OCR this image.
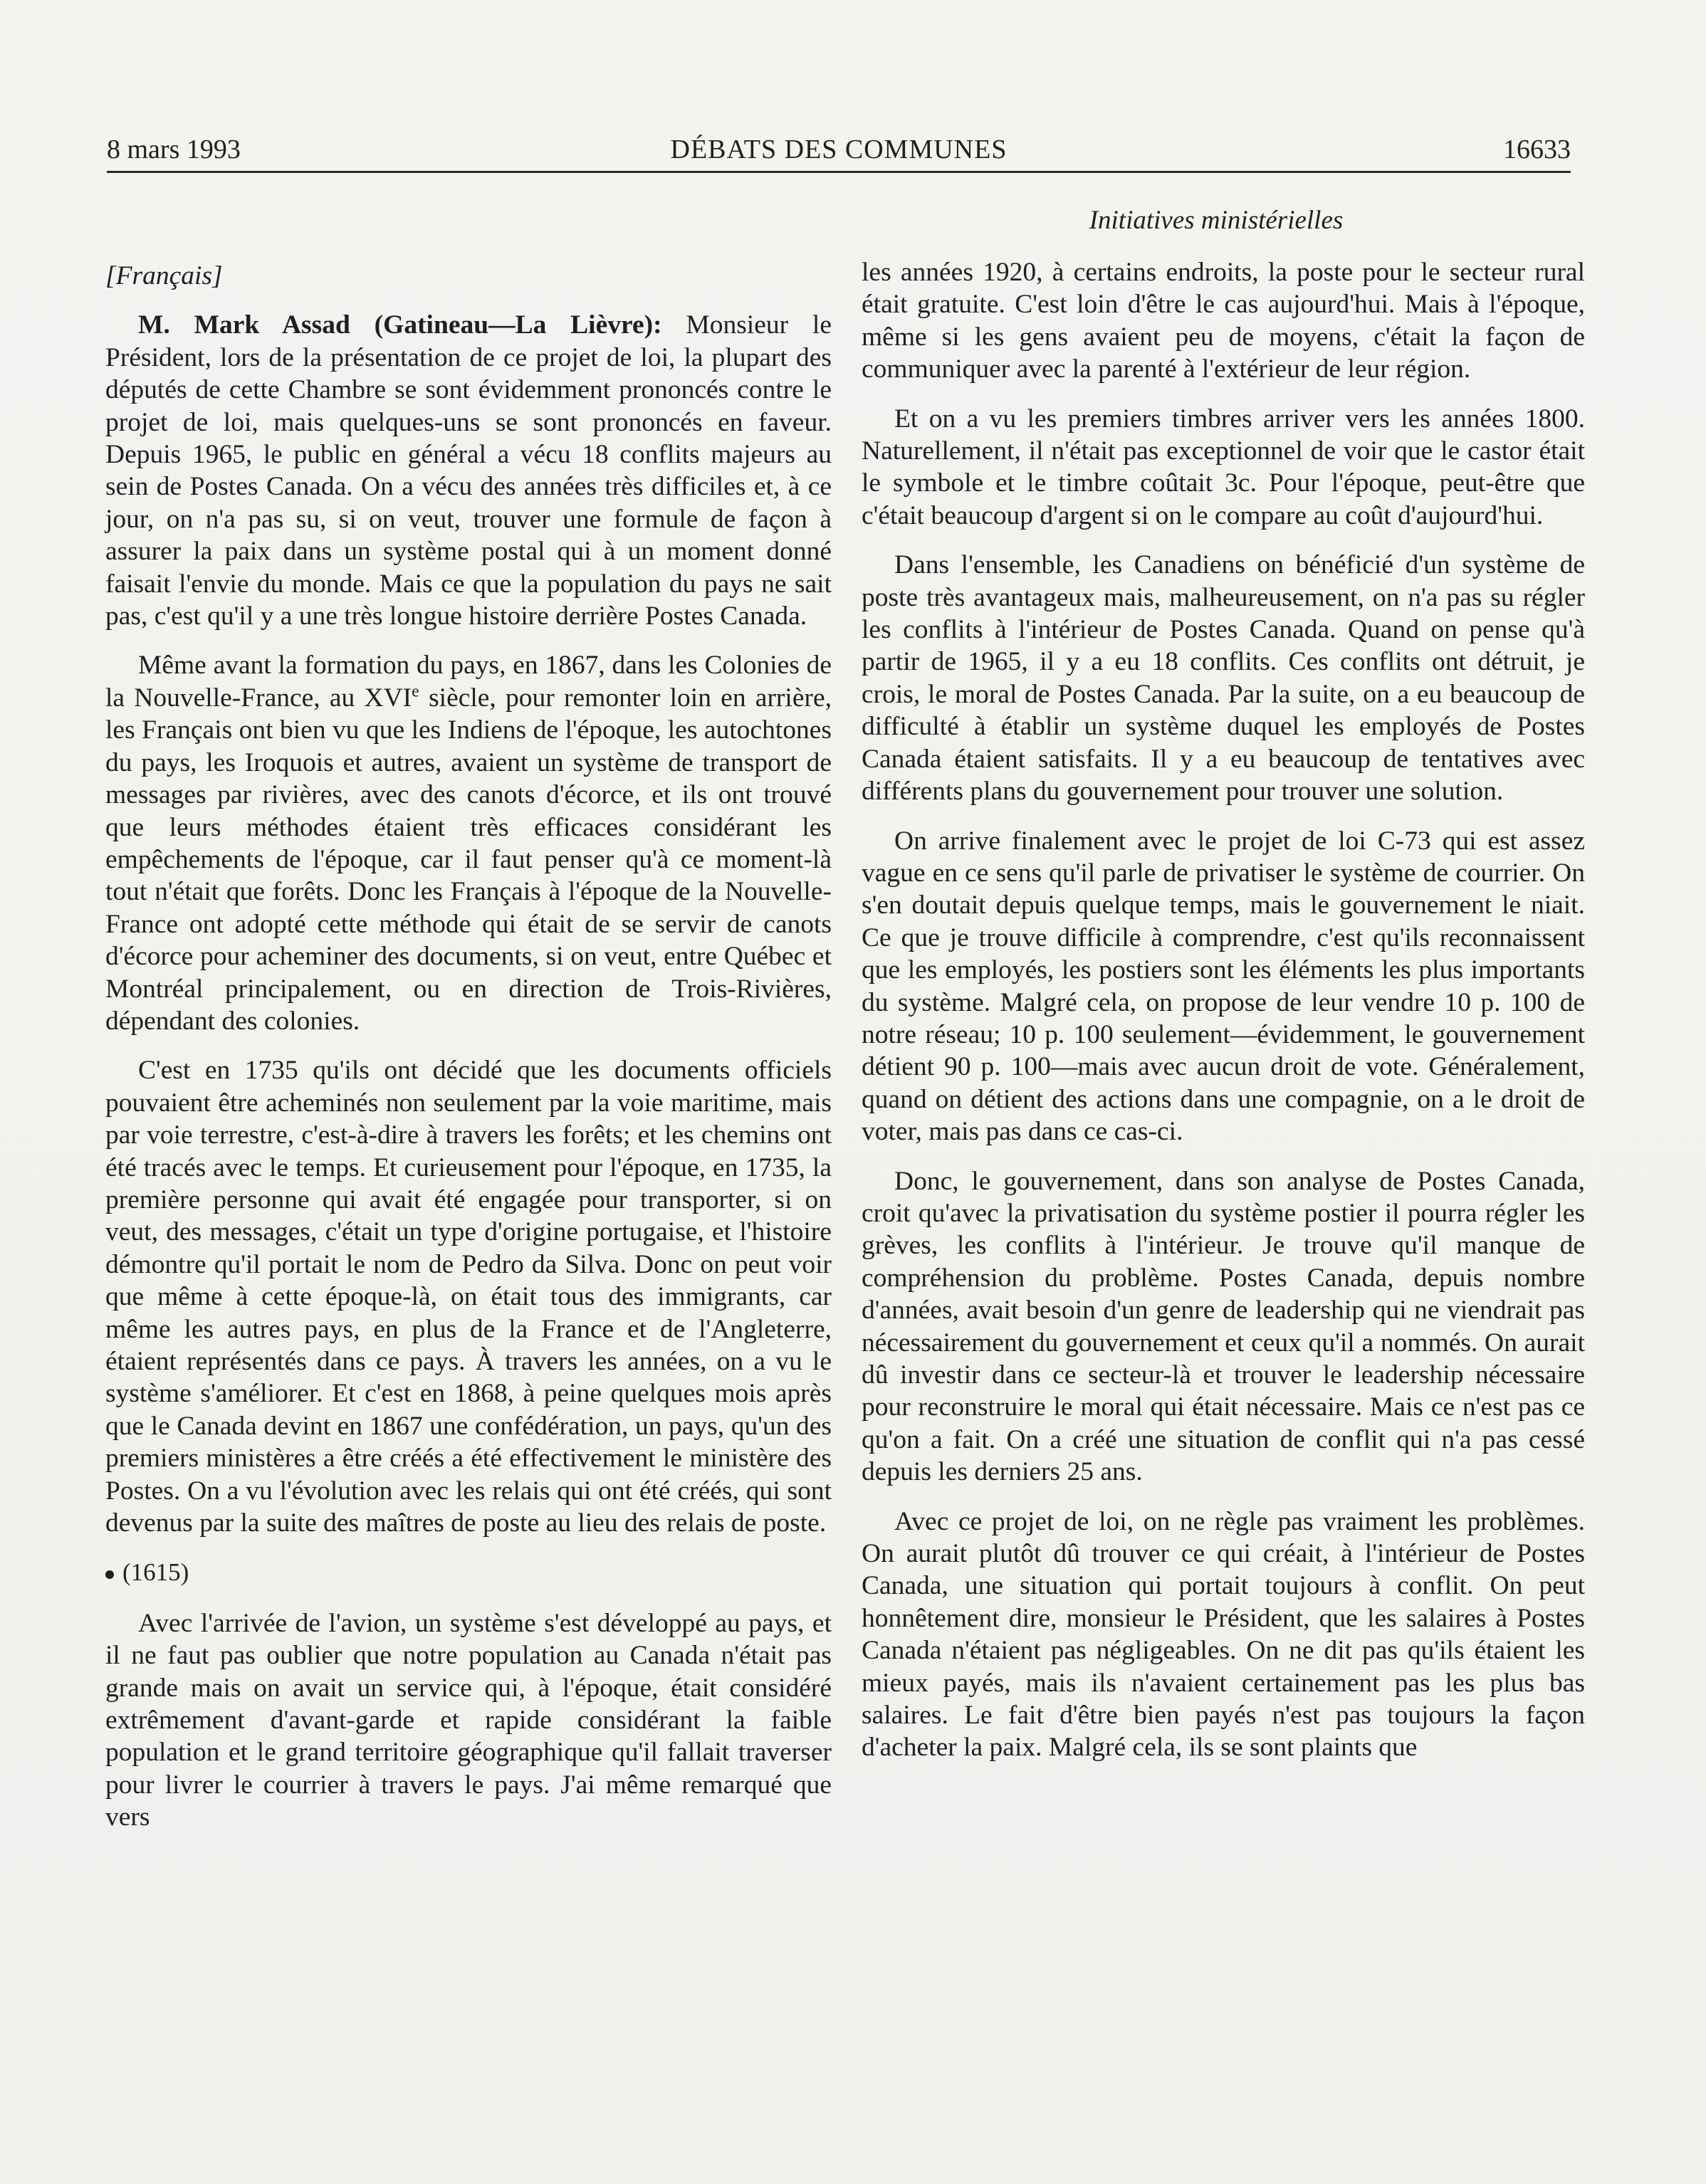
8 mars 1993	DÉBATS DES COMMUNES	16633
Initiatives ministérielles

[Français]

M. Mark Assad (Gatineau—La Lièvre): Monsieur le Président, lors de la présentation de ce projet de loi, la plupart des députés de cette Chambre se sont évidemment prononcés contre le projet de loi, mais quelques-uns se sont prononcés en faveur. Depuis 1965, le public en général a vécu 18 conflits majeurs au sein de Postes Canada. On a vécu des années très difficiles et, à ce jour, on n'a pas su, si on veut, trouver une formule de façon à assurer la paix dans un système postal qui à un moment donné faisait l'envie du monde. Mais ce que la population du pays ne sait pas, c'est qu'il y a une très longue histoire derrière Postes Canada.

Même avant la formation du pays, en 1867, dans les Colonies de la Nouvelle-France, au XVIe siècle, pour remonter loin en arrière, les Français ont bien vu que les Indiens de l'époque, les autochtones du pays, les Iroquois et autres, avaient un système de transport de messages par rivières, avec des canots d'écorce, et ils ont trouvé que leurs méthodes étaient très efficaces considérant les empêchements de l'époque, car il faut penser qu'à ce moment-là tout n'était que forêts. Donc les Français à l'époque de la Nouvelle-France ont adopté cette méthode qui était de se servir de canots d'écorce pour acheminer des documents, si on veut, entre Québec et Montréal principalement, ou en direction de Trois-Rivières, dépendant des colonies.

C'est en 1735 qu'ils ont décidé que les documents officiels pouvaient être acheminés non seulement par la voie maritime, mais par voie terrestre, c'est-à-dire à travers les forêts; et les chemins ont été tracés avec le temps. Et curieusement pour l'époque, en 1735, la première personne qui avait été engagée pour transporter, si on veut, des messages, c'était un type d'origine portugaise, et l'histoire démontre qu'il portait le nom de Pedro da Silva. Donc on peut voir que même à cette époque-là, on était tous des immigrants, car même les autres pays, en plus de la France et de l'Angleterre, étaient représentés dans ce pays. À travers les années, on a vu le système s'améliorer. Et c'est en 1868, à peine quelques mois après que le Canada devint en 1867 une confédération, un pays, qu'un des premiers ministères a être créés a été effectivement le ministère des Postes. On a vu l'évolution avec les relais qui ont été créés, qui sont devenus par la suite des maîtres de poste au lieu des relais de poste.

(1615)

Avec l'arrivée de l'avion, un système s'est développé au pays, et il ne faut pas oublier que notre population au Canada n'était pas grande mais on avait un service qui, à l'époque, était considéré extrêmement d'avant-garde et rapide considérant la faible population et le grand territoire géographique qu'il fallait traverser pour livrer le courrier à travers le pays. J'ai même remarqué que vers

les années 1920, à certains endroits, la poste pour le secteur rural était gratuite. C'est loin d'être le cas aujourd'hui. Mais à l'époque, même si les gens avaient peu de moyens, c'était la façon de communiquer avec la parenté à l'extérieur de leur région.

Et on a vu les premiers timbres arriver vers les années 1800. Naturellement, il n'était pas exceptionnel de voir que le castor était le symbole et le timbre coûtait 3c. Pour l'époque, peut-être que c'était beaucoup d'argent si on le compare au coût d'aujourd'hui.

Dans l'ensemble, les Canadiens on bénéficié d'un système de poste très avantageux mais, malheureusement, on n'a pas su régler les conflits à l'intérieur de Postes Canada. Quand on pense qu'à partir de 1965, il y a eu 18 conflits. Ces conflits ont détruit, je crois, le moral de Postes Canada. Par la suite, on a eu beaucoup de difficulté à établir un système duquel les employés de Postes Canada étaient satisfaits. Il y a eu beaucoup de tentatives avec différents plans du gouvernement pour trouver une solution.

On arrive finalement avec le projet de loi C-73 qui est assez vague en ce sens qu'il parle de privatiser le système de courrier. On s'en doutait depuis quelque temps, mais le gouvernement le niait. Ce que je trouve difficile à comprendre, c'est qu'ils reconnaissent que les employés, les postiers sont les éléments les plus importants du système. Malgré cela, on propose de leur vendre 10 p. 100 de notre réseau; 10 p. 100 seulement—évidemment, le gouvernement détient 90 p. 100—mais avec aucun droit de vote. Généralement, quand on détient des actions dans une compagnie, on a le droit de voter, mais pas dans ce cas-ci.

Donc, le gouvernement, dans son analyse de Postes Canada, croit qu'avec la privatisation du système postier il pourra régler les grèves, les conflits à l'intérieur. Je trouve qu'il manque de compréhension du problème. Postes Canada, depuis nombre d'années, avait besoin d'un genre de leadership qui ne viendrait pas nécessairement du gouvernement et ceux qu'il a nommés. On aurait dû investir dans ce secteur-là et trouver le leadership nécessaire pour reconstruire le moral qui était nécessaire. Mais ce n'est pas ce qu'on a fait. On a créé une situation de conflit qui n'a pas cessé depuis les derniers 25 ans.

Avec ce projet de loi, on ne règle pas vraiment les problèmes. On aurait plutôt dû trouver ce qui créait, à l'intérieur de Postes Canada, une situation qui portait toujours à conflit. On peut honnêtement dire, monsieur le Président, que les salaires à Postes Canada n'étaient pas négligeables. On ne dit pas qu'ils étaient les mieux payés, mais ils n'avaient certainement pas les plus bas salaires. Le fait d'être bien payés n'est pas toujours la façon d'acheter la paix. Malgré cela, ils se sont plaints que
